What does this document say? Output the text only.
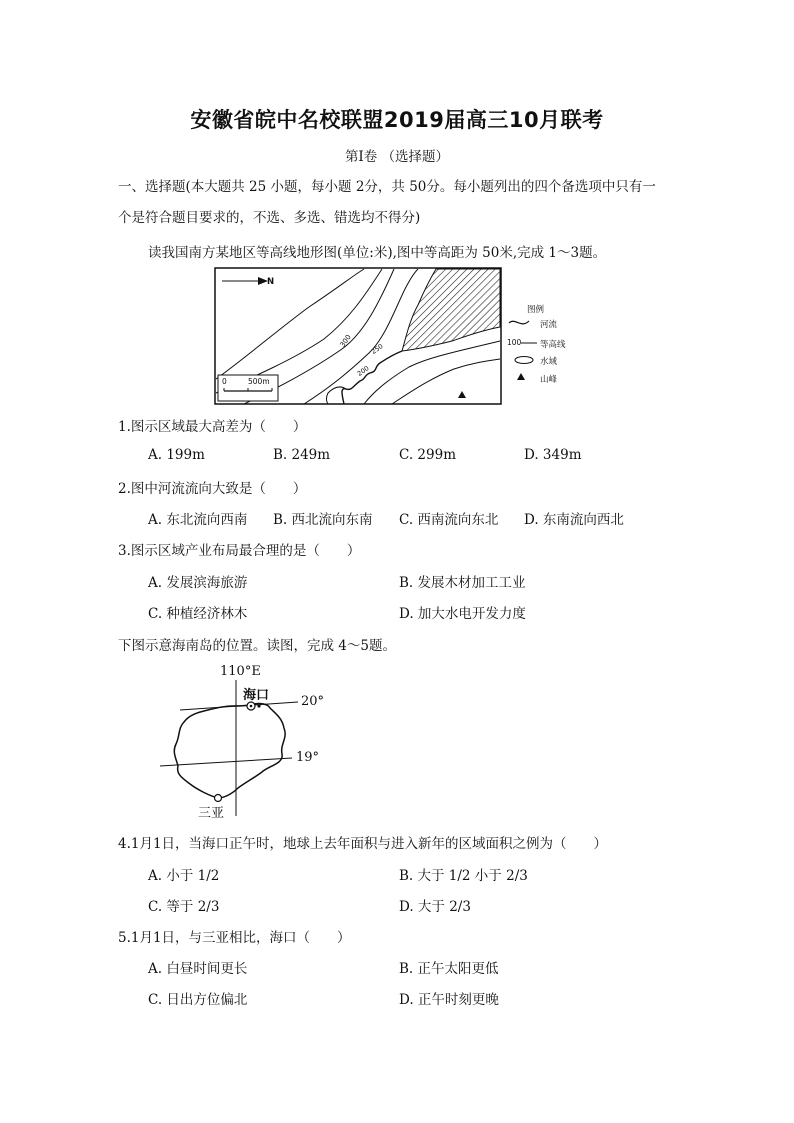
安徽省皖中名校联盟2019届高三10月联考
第Ⅰ卷 （选择题）
一、选择题(本大题共 25 小题，每小题 2分，共 50分。每小题列出的四个备选项中只有一
个是符合题目要求的，不选、多选、错选均不得分)
读我国南方某地区等高线地形图(单位:米),图中等高距为 50米,完成 1～3题。
N
0	500m
300
250
200
图例
河流
100 等高线
水域
山峰
1.图示区域最大高差为（　　）
A. 199m	B. 249m	C. 299m	D. 349m
2.图中河流流向大致是（　　）
A. 东北流向西南 B. 西北流向东南 C. 西南流向东北 D. 东南流向西北
3.图示区域产业布局最合理的是（　　）
A. 发展滨海旅游	B. 发展木材加工工业
C. 种植经济林木	D. 加大水电开发力度
下图示意海南岛的位置。读图，完成 4～5题。
110°E
海口 20°
19°
三亚
4.1月1日，当海口正午时，地球上去年面积与进入新年的区域面积之例为（　　）
A. 小于 1/2	B. 大于 1/2 小于 2/3
C. 等于 2/3	D. 大于 2/3
5.1月1日，与三亚相比，海口（　　）
A. 白昼时间更长	B. 正午太阳更低
C. 日出方位偏北	D. 正午时刻更晚
